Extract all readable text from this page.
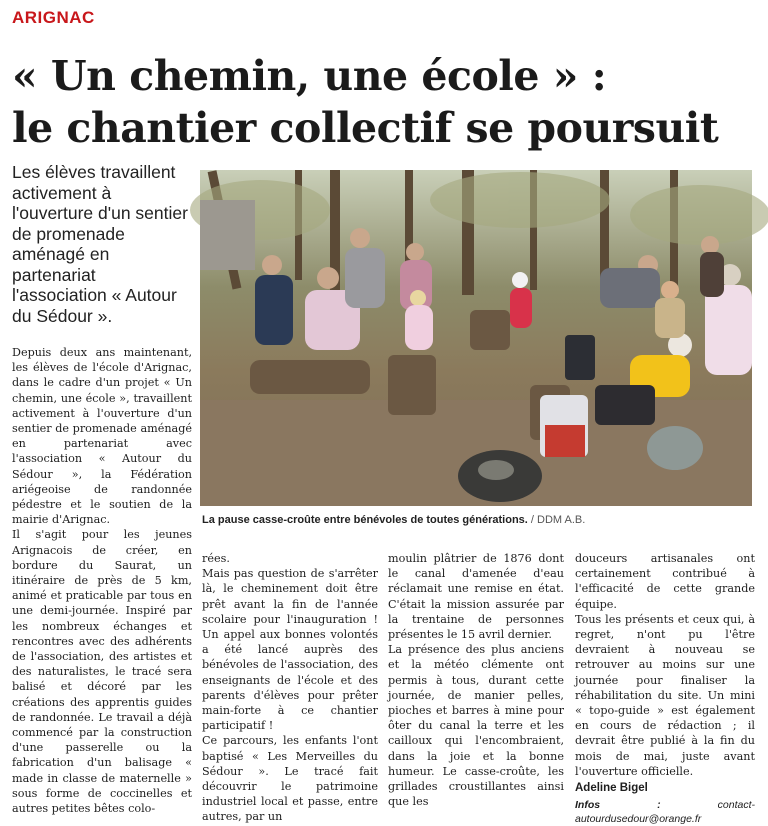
ARIGNAC
« Un chemin, une école » :
le chantier collectif se poursuit
Les élèves travaillent activement à l'ouverture d'un sentier de promenade aménagé en partenariat l'association « Autour du Sédour ».
La pause casse-croûte entre bénévoles de toutes générations. / DDM A.B.

Depuis deux ans maintenant, les élèves de l'école d'Arignac, dans le cadre d'un projet « Un chemin, une école », travaillent activement à l'ouverture d'un sentier de promenade aménagé en partenariat avec l'association « Autour du Sédour », la Fédération ariégeoise de randonnée pédestre et le soutien de la mairie d'Arignac.

Il s'agit pour les jeunes Arignacois de créer, en bordure du Saurat, un itinéraire de près de 5 km, animé et praticable par tous en une demi-journée. Inspiré par les nombreux échanges et rencontres avec des adhérents de l'association, des artistes et des naturalistes, le tracé sera balisé et décoré par les créations des apprentis guides de randonnée. Le travail a déjà commencé par la construction d'une passerelle ou la fabrication d'un balisage « made in classe de maternelle » sous forme de coccinelles et autres petites bêtes colo-

rées.

Mais pas question de s'arrêter là, le cheminement doit être prêt avant la fin de l'année scolaire pour l'inauguration ! Un appel aux bonnes volontés a été lancé auprès des bénévoles de l'association, des enseignants de l'école et des parents d'élèves pour prêter main-forte à ce chantier participatif !

Ce parcours, les enfants l'ont baptisé « Les Merveilles du Sédour ». Le tracé fait découvrir le patrimoine industriel local et passe, entre autres, par un

moulin plâtrier de 1876 dont le canal d'amenée d'eau réclamait une remise en état. C'était la mission assurée par la trentaine de personnes présentes le 15 avril dernier.

La présence des plus anciens et la météo clémente ont permis à tous, durant cette journée, de manier pelles, pioches et barres à mine pour ôter du canal la terre et les cailloux qui l'encombraient, dans la joie et la bonne humeur. Le casse-croûte, les grillades croustillantes ainsi que les

douceurs artisanales ont certainement contribué à l'efficacité de cette grande équipe.

Tous les présents et ceux qui, à regret, n'ont pu l'être devraient à nouveau se retrouver au moins sur une journée pour finaliser la réhabilitation du site. Un mini « topo-guide » est également en cours de rédaction ; il devrait être publié à la fin du mois de mai, juste avant l'ouverture officielle.

Adeline Bigel

Infos :	contact-autourdusedour@orange.fr
